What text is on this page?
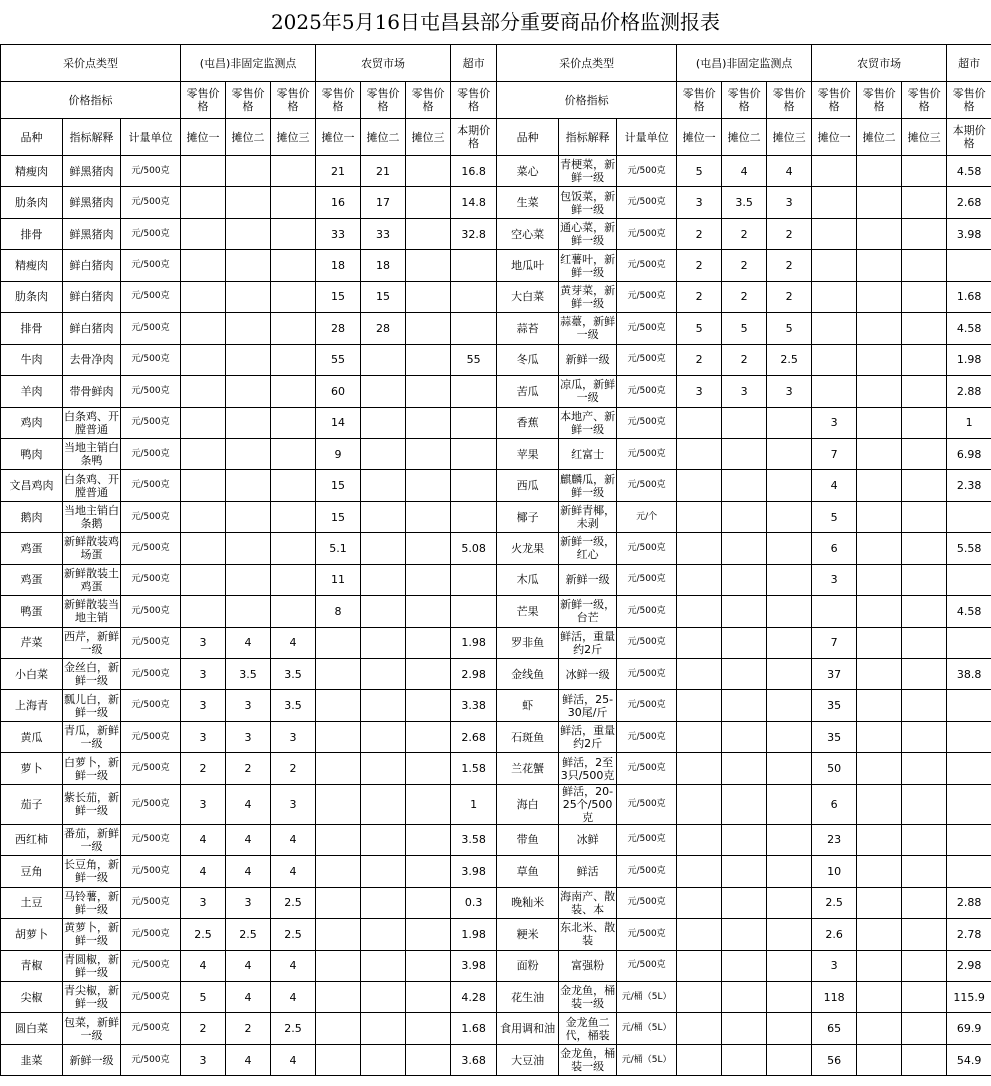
2025年5月16日屯昌县部分重要商品价格监测报表
采价点类型			(屯昌)非固定监测点			农贸市场			超市	采价点类型			(屯昌)非固定监测点			农贸市场			超市
价格指标			零售价格	零售价格	零售价格	零售价格	零售价格	零售价格	零售价格	价格指标			零售价格	零售价格	零售价格	零售价格	零售价格	零售价格	零售价格
品种	指标解释	计量单位	摊位一	摊位二	摊位三	摊位一	摊位二	摊位三	本期价格	品种	指标解释	计量单位	摊位一	摊位二	摊位三	摊位一	摊位二	摊位三	本期价格
精瘦肉	鲜黑猪肉	元/500克				21	21		16.8	菜心	青梗菜，新鲜一级	元/500克	5	4	4				4.58
肋条肉	鲜黑猪肉	元/500克				16	17		14.8	生菜	包饭菜，新鲜一级	元/500克	3	3.5	3				2.68
排骨	鲜黑猪肉	元/500克				33	33		32.8	空心菜	通心菜，新鲜一级	元/500克	2	2	2				3.98
精瘦肉	鲜白猪肉	元/500克				18	18			地瓜叶	红薯叶，新鲜一级	元/500克	2	2	2				
肋条肉	鲜白猪肉	元/500克				15	15			大白菜	黄芽菜，新鲜一级	元/500克	2	2	2				1.68
排骨	鲜白猪肉	元/500克				28	28			蒜苔	蒜薹，新鲜一级	元/500克	5	5	5				4.58
牛肉	去骨净肉	元/500克				55			55	冬瓜	新鲜一级	元/500克	2	2	2.5				1.98
羊肉	带骨鲜肉	元/500克				60				苦瓜	凉瓜，新鲜一级	元/500克	3	3	3				2.88
鸡肉	白条鸡、开膛普通	元/500克				14				香蕉	本地产、新鲜一级	元/500克				3			1
鸭肉	当地主销白条鸭	元/500克				9				苹果	红富士	元/500克				7			6.98
文昌鸡肉	白条鸡、开膛普通	元/500克				15				西瓜	麒麟瓜，新鲜一级	元/500克				4			2.38
鹅肉	当地主销白条鹅	元/500克				15				椰子	新鲜青椰，未剥	元/个				5			
鸡蛋	新鲜散装鸡场蛋	元/500克				5.1			5.08	火龙果	新鲜一级，红心	元/500克				6			5.58
鸡蛋	新鲜散装土鸡蛋	元/500克				11				木瓜	新鲜一级	元/500克				3			
鸭蛋	新鲜散装当地主销	元/500克				8				芒果	新鲜一级，台芒	元/500克							4.58
芹菜	西芹，新鲜一级	元/500克	3	4	4				1.98	罗非鱼	鲜活，重量约2斤	元/500克				7			
小白菜	金丝白，新鲜一级	元/500克	3	3.5	3.5				2.98	金线鱼	冰鲜一级	元/500克				37			38.8
上海青	瓢儿白，新鲜一级	元/500克	3	3	3.5				3.38	虾	鲜活，25-30尾/斤	元/500克				35			
黄瓜	青瓜，新鲜一级	元/500克	3	3	3				2.68	石斑鱼	鲜活，重量约2斤	元/500克				35			
萝卜	白萝卜，新鲜一级	元/500克	2	2	2				1.58	兰花蟹	鲜活，2至3只/500克	元/500克				50			
茄子	紫长茄，新鲜一级	元/500克	3	4	3				1	海白	鲜活，20-25个/500克	元/500克				6			
西红柿	番茄，新鲜一级	元/500克	4	4	4				3.58	带鱼	冰鲜	元/500克				23			
豆角	长豆角，新鲜一级	元/500克	4	4	4				3.98	草鱼	鲜活	元/500克				10			
土豆	马铃薯，新鲜一级	元/500克	3	3	2.5				0.3	晚籼米	海南产、散装、本	元/500克				2.5			2.88
胡萝卜	黄萝卜，新鲜一级	元/500克	2.5	2.5	2.5				1.98	粳米	东北米、散装	元/500克				2.6			2.78
青椒	青圆椒，新鲜一级	元/500克	4	4	4				3.98	面粉	富强粉	元/500克				3			2.98
尖椒	青尖椒，新鲜一级	元/500克	5	4	4				4.28	花生油	金龙鱼，桶装一级	元/桶（5L）				118			115.9
圆白菜	包菜，新鲜一级	元/500克	2	2	2.5				1.68	食用调和油	金龙鱼二代，桶装	元/桶（5L）				65			69.9
韭菜	新鲜一级	元/500克	3	4	4				3.68	大豆油	金龙鱼，桶装一级	元/桶（5L）				56			54.9
